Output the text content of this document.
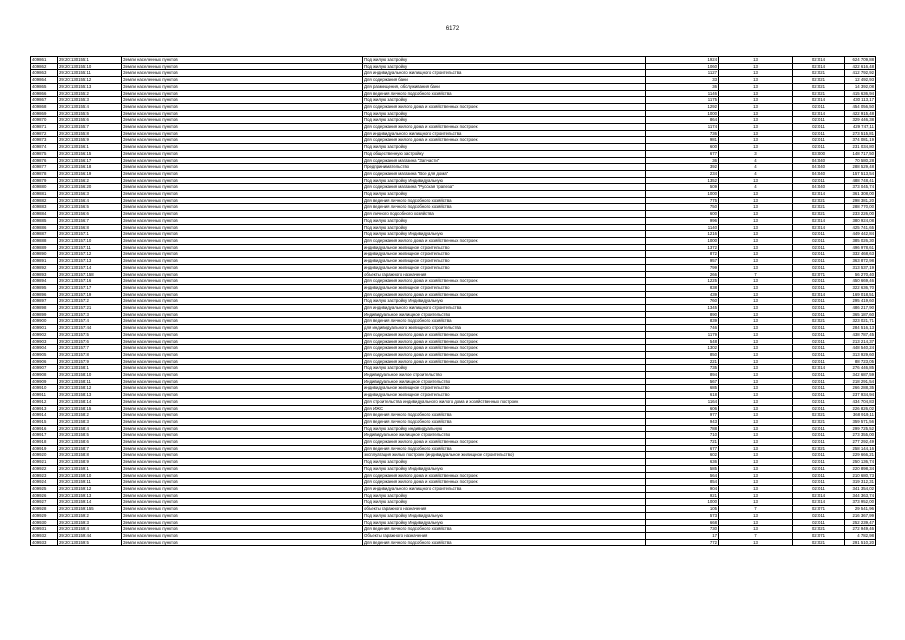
6172
409861	29:20:130155:1	Земли населенных пунктов	Под жилую застройку	1924	13	02:014	624 709,88
409862	29:20:130155:10	Земли населенных пунктов	Под жилую застройку	1060	13	02:014	422 616,48
409863	29:20:130155:11	Земли населенных пунктов	Для индивидуального жилищного строительства	1127	13	02:021	412 792,92
409864	29:20:130155:12	Земли населенных пунктов	Для содержания бани	33	13	02:021	12 492,93
409865	29:20:130155:13	Земли населенных пунктов	Для размещения, обслуживания бани	36	13	02:021	14 392,08
409866	29:20:130155:2	Земли населенных пунктов	Для ведения личного подсобного хозяйства	1146	13	02:021	415 636,94
409867	29:20:130155:3	Земли населенных пунктов	Под жилую застройку	1175	13	02:014	430 113,17
409868	29:20:130155:4	Земли населенных пунктов	Для содержания жилого дома и хозяйственных построек	1292	13	02:011	454 056,50
409869	29:20:130155:5	Земли населенных пунктов	Под жилую застройку	1000	13	02:014	422 915,48
409870	29:20:130155:6	Земли населенных пунктов	Под жилую застройку	864	13	02:011	329 446,38
409871	29:20:130155:7	Земли населенных пунктов	Для содержания жилого дома и хозяйственных построек	1174	13	02:011	429 747,11
409872	29:20:130155:8	Земли населенных пунктов	Для индивидуального жилищного строительства	736	13	02:011	273 515,81
409873	29:20:130155:9	Земли населенных пунктов	Для содержания жилого дома и хозяйственных построек	981	13	02:011	374 081,19
409874	29:20:130156:1	Земли населенных пунктов	Под жилую застройку	600	13	02:011	231 034,80
409875	29:20:130156:15	Земли населенных пунктов	Под общественную застройку	677	3	03:000	148 717,50
409876	29:20:130156:17	Земли населенных пунктов	Для содержания магазина "Запчасти"	36	4	04:040	70 580,28
409877	29:20:130156:18	Земли населенных пунктов	Предпринимательство	392	4	04:040	288 529,48
409878	29:20:130156:19	Земли населенных пунктов	Для содержания магазина "Все для дома"	234	4	04:040	157 513,54
409879	29:20:130156:2	Земли населенных пунктов	Под жилую застройку Индивидуальную	1352	13	02:011	488 748,41
409880	29:20:130156:20	Земли населенных пунктов	Для содержания магазина "Русская трапеза"	509	4	04:040	373 045,74
409881	29:20:130156:3	Земли населенных пунктов	Под жилую застройку	1000	13	02:014	361 308,00
409882	29:20:130156:4	Земли населенных пунктов	Для ведения личного подсобного хозяйства	775	13	02:021	298 381,20
409883	29:20:130156:5	Земли населенных пунктов	Для ведения личного подсобного хозяйства	750	13	02:021	288 770,00
409884	29:20:130156:6	Земли населенных пунктов	Для личного подсобного хозяйства	600	13	02:021	233 226,00
409885	29:20:130156:7	Земли населенных пунктов	Под жилую застройку	996	13	02:014	380 924,08
409886	29:20:130156:8	Земли населенных пунктов	Под жилую застройку	1140	13	02:014	425 741,65
409887	29:20:130157:1	Земли населенных пунктов	Под жилую застройку Индивидуальную	1216	13	02:011	449 442,84
409888	29:20:130157:10	Земли населенных пунктов	Для содержания жилого дома и хозяйственных построек	1000	13	02:011	385 026,30
409889	29:20:130157:11	Земли населенных пунктов	индивидуальное жилищное строительство	1372	13	02:011	496 978,61
409890	29:20:130157:12	Земли населенных пунктов	индивидуальное жилищное строительство	872	13	02:011	332 468,63
409891	29:20:130157:13	Земли населенных пунктов	индивидуальное жилищное строительство	957	13	02:011	363 872,98
409892	29:20:130157:14	Земли населенных пунктов	индивидуальное жилищное строительство	799	13	02:011	313 537,19
409893	29:20:130157:158	Земли населенных пунктов	объекты гаражного назначения	266	7	02:071	56 270,40
409894	29:20:130157:16	Земли населенных пунктов	Для содержания жилого дома и хозяйственных построек	1225	13	02:011	450 669,46
409895	29:20:130157:17	Земли населенных пунктов	индивидуальное жилищное строительство	838	13	02:011	322 636,70
409896	29:20:130157:19	Земли населенных пунктов	Для содержания жилого дома и хозяйственных построек	439	13	02:014	169 018,51
409897	29:20:130157:2	Земли населенных пунктов	Под жилую застройку Индивидуальную	760	13	02:011	295 419,60
409898	29:20:130157:21	Земли населенных пунктов	Для индивидуального жилищного строительства	1345	13	02:011	486 217,90
409899	29:20:130157:3	Земли населенных пунктов	Индивидуальное жилищное строительство	890	13	02:011	365 187,60
409900	29:20:130157:4	Земли населенных пунктов	Для ведения личного подсобного хозяйства	839	13	02:021	323 021,71
409901	29:20:130157:44	Земли населенных пунктов	для индивидуального жилищного строительства	746	13	02:011	284 516,13
409902	29:20:130157:5	Земли населенных пунктов	Для содержания жилого дома и хозяйственных построек	1179	13	02:011	438 787,45
409903	29:20:130157:6	Земли населенных пунктов	Для содержания жилого дома и хозяйственных построек	548	13	02:011	213 214,37
409904	29:20:130157:7	Земли населенных пунктов	Для содержания жилого дома и хозяйственных построек	1302	13	02:011	448 540,24
409905	29:20:130157:8	Земли населенных пунктов	Для содержания жилого дома и хозяйственных построек	850	13	02:011	313 929,60
409906	29:20:130157:9	Земли населенных пунктов	Для содержания жилого дома и хозяйственных построек	221	13	02:011	88 723,05
409907	29:20:130158:1	Земли населенных пунктов	Под жилую застройку	735	13	02:014	276 446,85
409908	29:20:130158:10	Земли населенных пунктов	Индивидуальное жилое строительство	894	13	02:011	342 687,59
409909	29:20:130158:11	Земли населенных пунктов	Индивидуальное жилищное строительство	567	13	02:011	218 291,54
409910	29:20:130158:12	Земли населенных пунктов	индивидуальное жилищное строительство	685	13	02:011	266 288,35
409911	29:20:130158:13	Земли населенных пунктов	индивидуальное жилищное строительство	618	13	02:011	237 934,94
409912	29:20:130158:14	Земли населенных пунктов	Для строительства индивидуального жилого дома и хозяйственных построек	1164	13	02:011	434 704,83
409913	29:20:130158:15	Земли населенных пунктов	Для ИЖС	606	13	02:011	226 826,02
409914	29:20:130158:2	Земли населенных пунктов	Для ведения личного подсобного хозяйства	977	13	02:021	368 919,11
409915	29:20:130158:3	Земли населенных пунктов	Для ведения личного подсобного хозяйства	943	13	02:021	359 571,56
409916	29:20:130158:4	Земли населенных пунктов	Под жилую застройку индивидуальную	788	13	02:011	299 725,52
409917	29:20:130158:5	Земли населенных пунктов	Индивидуальное жилищное строительство	710	13	02:011	273 355,00
409918	29:20:130158:6	Земли населенных пунктов	Для содержания жилого дома и хозяйственных построек	721	13	02:011	277 292,49
409919	29:20:130158:7	Земли населенных пунктов	Для ведения личного подсобного хозяйства	677	13	02:021	258 144,16
409920	29:20:130158:8	Земли населенных пунктов	эксплуатация жилых построек (индивидуальное жилищное строительство)	602	13	02:011	229 666,21
409921	29:20:130158:9	Земли населенных пунктов	Под жилую застройку	636	13	02:011	250 136,74
409922	29:20:130159:1	Земли населенных пунктов	Под жилую застройку Индивидуальную	585	13	02:011	220 898,34
409923	29:20:130159:10	Земли населенных пунктов	Для содержания жилого дома и хозяйственных построек	564	13	02:011	210 680,73
409924	29:20:130159:11	Земли населенных пунктов	Для содержания жилого дома и хозяйственных построек	854	13	02:011	319 312,31
409925	29:20:130159:12	Земли населенных пунктов	Для индивидуального жилищного строительства	904	13	02:011	341 354,02
409926	29:20:130159:13	Земли населенных пунктов	Под жилую застройку	921	13	02:014	344 363,74
409927	29:20:130159:14	Земли населенных пунктов	Под жилую застройку	1000	13	02:014	373 952,00
409928	29:20:130159:155	Земли населенных пунктов	объекты гаражного назначения	105	7	02:071	29 541,96
409929	29:20:130159:2	Земли населенных пунктов	Под жилую застройку Индивидуальную	573	13	02:011	216 367,99
409930	29:20:130159:3	Земли населенных пунктов	Под жилую застройку Индивидуальную	668	13	02:011	252 239,47
409931	29:20:130159:4	Земли населенных пунктов	Для ведения личного подсобного хозяйства	730	13	02:021	272 949,46
409932	29:20:130159:44	Земли населенных пунктов	Объекты гаражного назначения	17	7	02:071	4 782,98
409933	29:20:130159:5	Земли населенных пунктов	Для ведения личного подсобного хозяйства	772	13	02:021	291 510,20
